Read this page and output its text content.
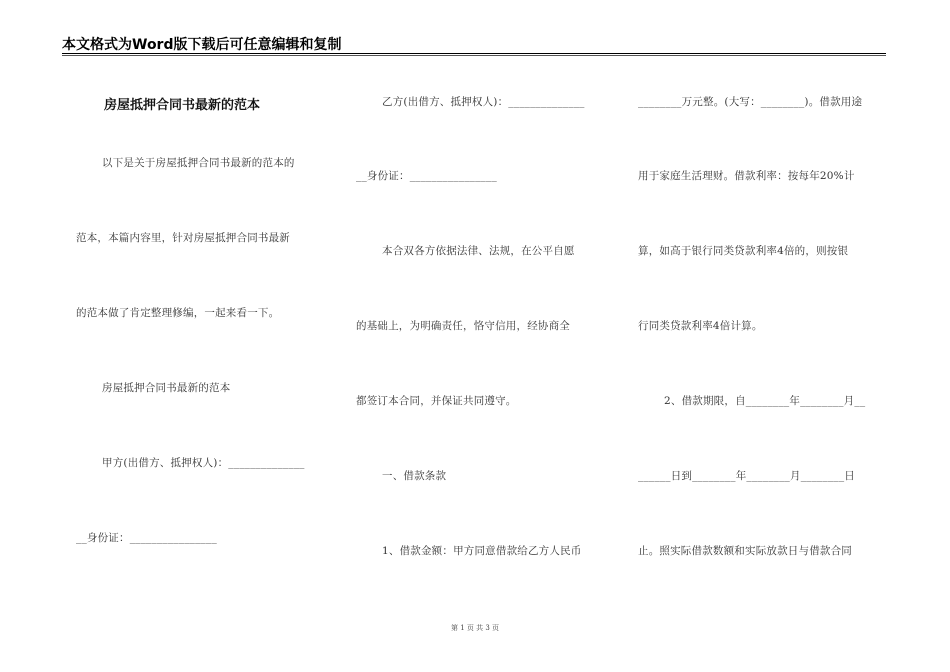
本文格式为Word版下载后可任意编辑和复制
房屋抵押合同书最新的范本
以下是关于房屋抵押合同书最新的范本的
范本，本篇内容里，针对房屋抵押合同书最新
的范本做了肯定整理修编，一起来看一下。
房屋抵押合同书最新的范本
甲方(出借方、抵押权人)：______________
__身份证：________________
乙方(出借方、抵押权人)：______________
__身份证：________________
本合双各方依据法律、法规，在公平自愿
的基础上，为明确责任，恪守信用，经协商全
都签订本合同，并保证共同遵守。
一、借款条款
1、借款金额：甲方同意借款给乙方人民币
________万元整。(大写：________)。借款用途
用于家庭生活理财。借款利率：按每年20%计
算，如高于银行同类贷款利率4倍的，则按银
行同类贷款利率4倍计算。
2、借款期限，自________年________月__
______日到________年________月________日
止。照实际借款数额和实际放款日与借款合同
第 1 页 共 3 页
